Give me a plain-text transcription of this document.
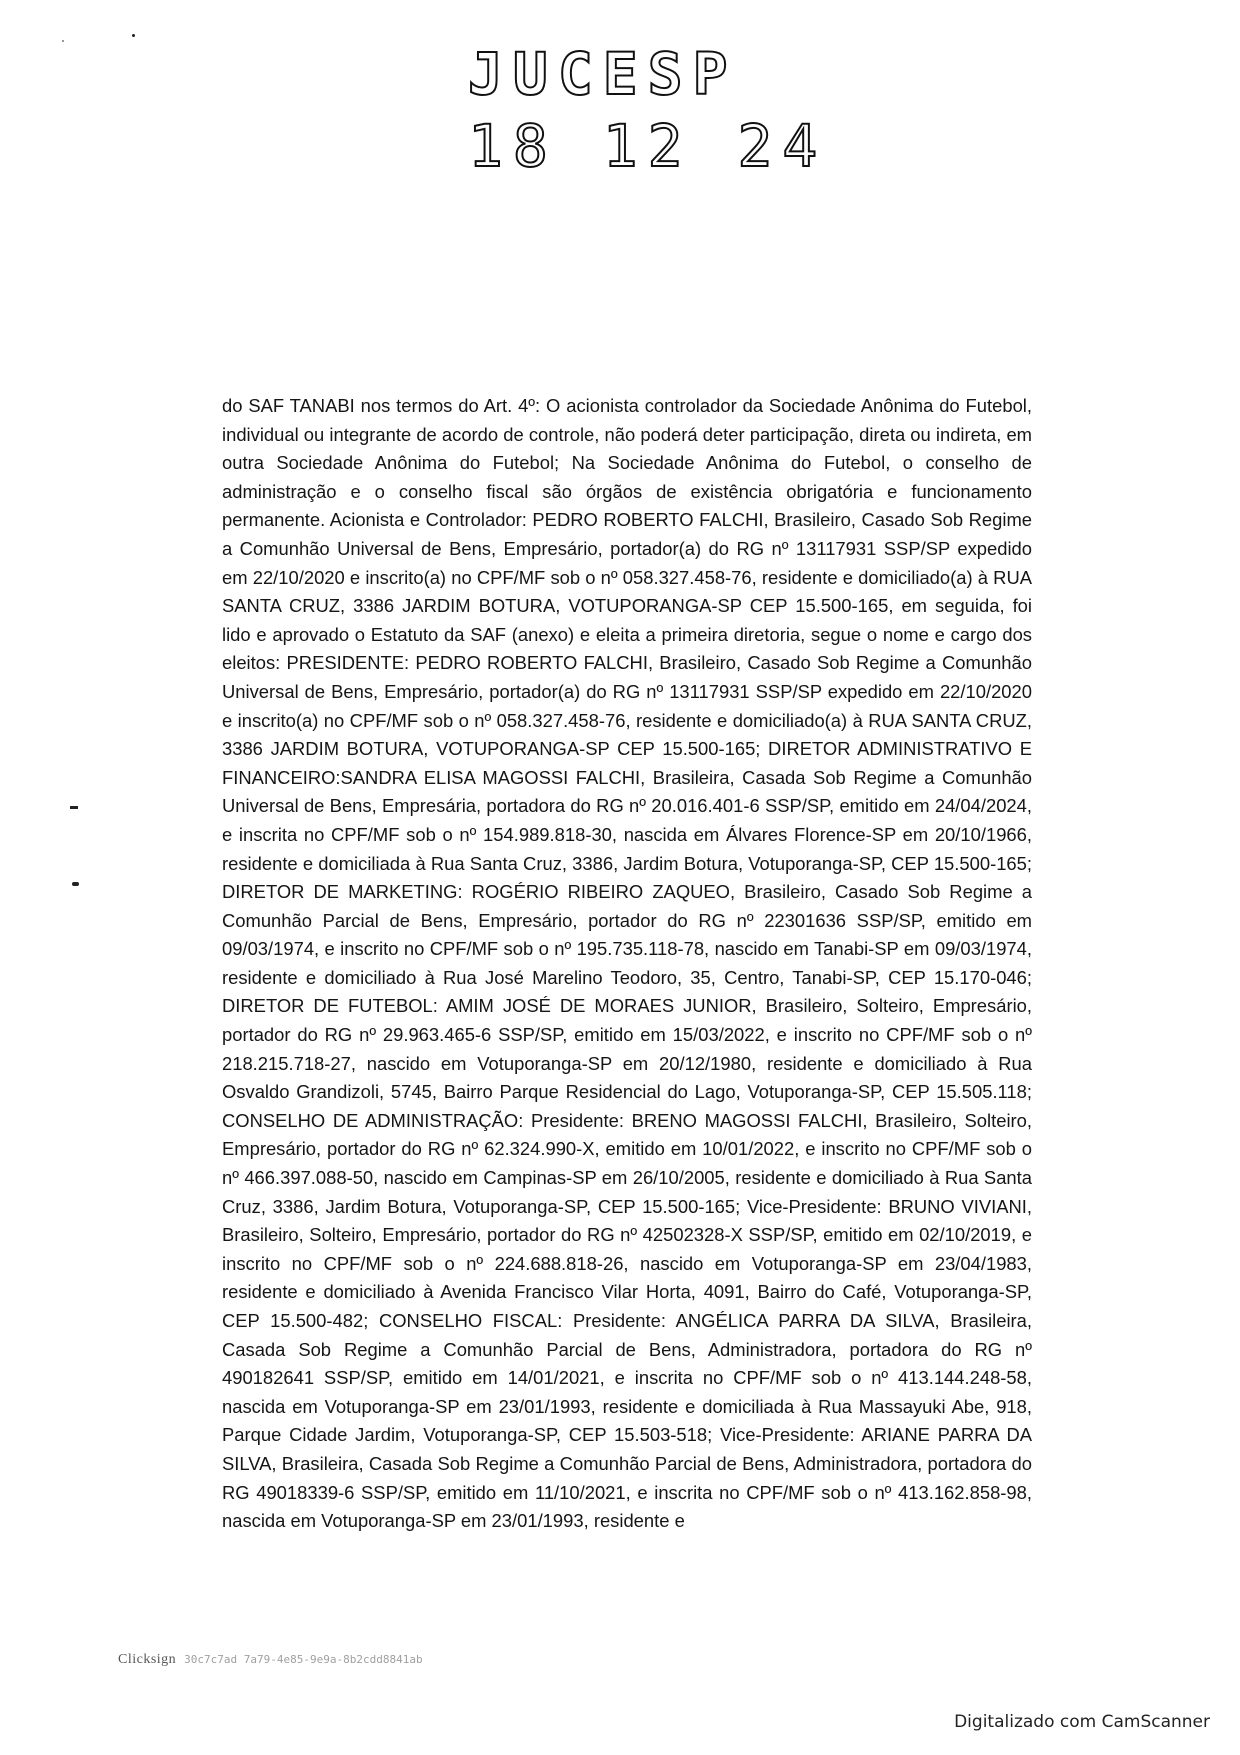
JUCESP
18 12 24

do SAF TANABI nos termos do Art. 4º: O acionista controlador da Sociedade Anônima do Futebol, individual ou integrante de acordo de controle, não poderá deter participação, direta ou indireta, em outra Sociedade Anônima do Futebol; Na Sociedade Anônima do Futebol, o conselho de administração e o conselho fiscal são órgãos de existência obrigatória e funcionamento permanente. Acionista e Controlador: PEDRO ROBERTO FALCHI, Brasileiro, Casado Sob Regime a Comunhão Universal de Bens, Empresário, portador(a) do RG nº 13117931 SSP/SP expedido em 22/10/2020 e inscrito(a) no CPF/MF sob o nº 058.327.458-76, residente e domiciliado(a) à RUA SANTA CRUZ, 3386 JARDIM BOTURA, VOTUPORANGA-SP CEP 15.500-165, em seguida, foi lido e aprovado o Estatuto da SAF (anexo) e eleita a primeira diretoria, segue o nome e cargo dos eleitos: PRESIDENTE: PEDRO ROBERTO FALCHI, Brasileiro, Casado Sob Regime a Comunhão Universal de Bens, Empresário, portador(a) do RG nº 13117931 SSP/SP expedido em 22/10/2020 e inscrito(a) no CPF/MF sob o nº 058.327.458-76, residente e domiciliado(a) à RUA SANTA CRUZ, 3386 JARDIM BOTURA, VOTUPORANGA-SP CEP 15.500-165; DIRETOR ADMINISTRATIVO E FINANCEIRO:SANDRA ELISA MAGOSSI FALCHI, Brasileira, Casada Sob Regime a Comunhão Universal de Bens, Empresária, portadora do RG nº 20.016.401-6 SSP/SP, emitido em 24/04/2024, e inscrita no CPF/MF sob o nº 154.989.818-30, nascida em Álvares Florence-SP em 20/10/1966, residente e domiciliada à Rua Santa Cruz, 3386, Jardim Botura, Votuporanga-SP, CEP 15.500-165; DIRETOR DE MARKETING: ROGÉRIO RIBEIRO ZAQUEO, Brasileiro, Casado Sob Regime a Comunhão Parcial de Bens, Empresário, portador do RG nº 22301636 SSP/SP, emitido em 09/03/1974, e inscrito no CPF/MF sob o nº 195.735.118-78, nascido em Tanabi-SP em 09/03/1974, residente e domiciliado à Rua José Marelino Teodoro, 35, Centro, Tanabi-SP, CEP 15.170-046; DIRETOR DE FUTEBOL: AMIM JOSÉ DE MORAES JUNIOR, Brasileiro, Solteiro, Empresário, portador do RG nº 29.963.465-6 SSP/SP, emitido em 15/03/2022, e inscrito no CPF/MF sob o nº 218.215.718-27, nascido em Votuporanga-SP em 20/12/1980, residente e domiciliado à Rua Osvaldo Grandizoli, 5745, Bairro Parque Residencial do Lago, Votuporanga-SP, CEP 15.505.118; CONSELHO DE ADMINISTRAÇÃO: Presidente: BRENO MAGOSSI FALCHI, Brasileiro, Solteiro, Empresário, portador do RG nº 62.324.990-X, emitido em 10/01/2022, e inscrito no CPF/MF sob o nº 466.397.088-50, nascido em Campinas-SP em 26/10/2005, residente e domiciliado à Rua Santa Cruz, 3386, Jardim Botura, Votuporanga-SP, CEP 15.500-165; Vice-Presidente: BRUNO VIVIANI, Brasileiro, Solteiro, Empresário, portador do RG nº 42502328-X SSP/SP, emitido em 02/10/2019, e inscrito no CPF/MF sob o nº 224.688.818-26, nascido em Votuporanga-SP em 23/04/1983, residente e domiciliado à Avenida Francisco Vilar Horta, 4091, Bairro do Café, Votuporanga-SP, CEP 15.500-482; CONSELHO FISCAL: Presidente: ANGÉLICA PARRA DA SILVA, Brasileira, Casada Sob Regime a Comunhão Parcial de Bens, Administradora, portadora do RG nº 490182641 SSP/SP, emitido em 14/01/2021, e inscrita no CPF/MF sob o nº 413.144.248-58, nascida em Votuporanga-SP em 23/01/1993, residente e domiciliada à Rua Massayuki Abe, 918, Parque Cidade Jardim, Votuporanga-SP, CEP 15.503-518; Vice-Presidente: ARIANE PARRA DA SILVA, Brasileira, Casada Sob Regime a Comunhão Parcial de Bens, Administradora, portadora do RG 49018339-6 SSP/SP, emitido em 11/10/2021, e inscrita no CPF/MF sob o nº 413.162.858-98, nascida em Votuporanga-SP em 23/01/1993, residente e

Clicksign 30c7c7ad 7a79-4e85-9e9a-8b2cdd8841ab
Digitalizado com CamScanner
